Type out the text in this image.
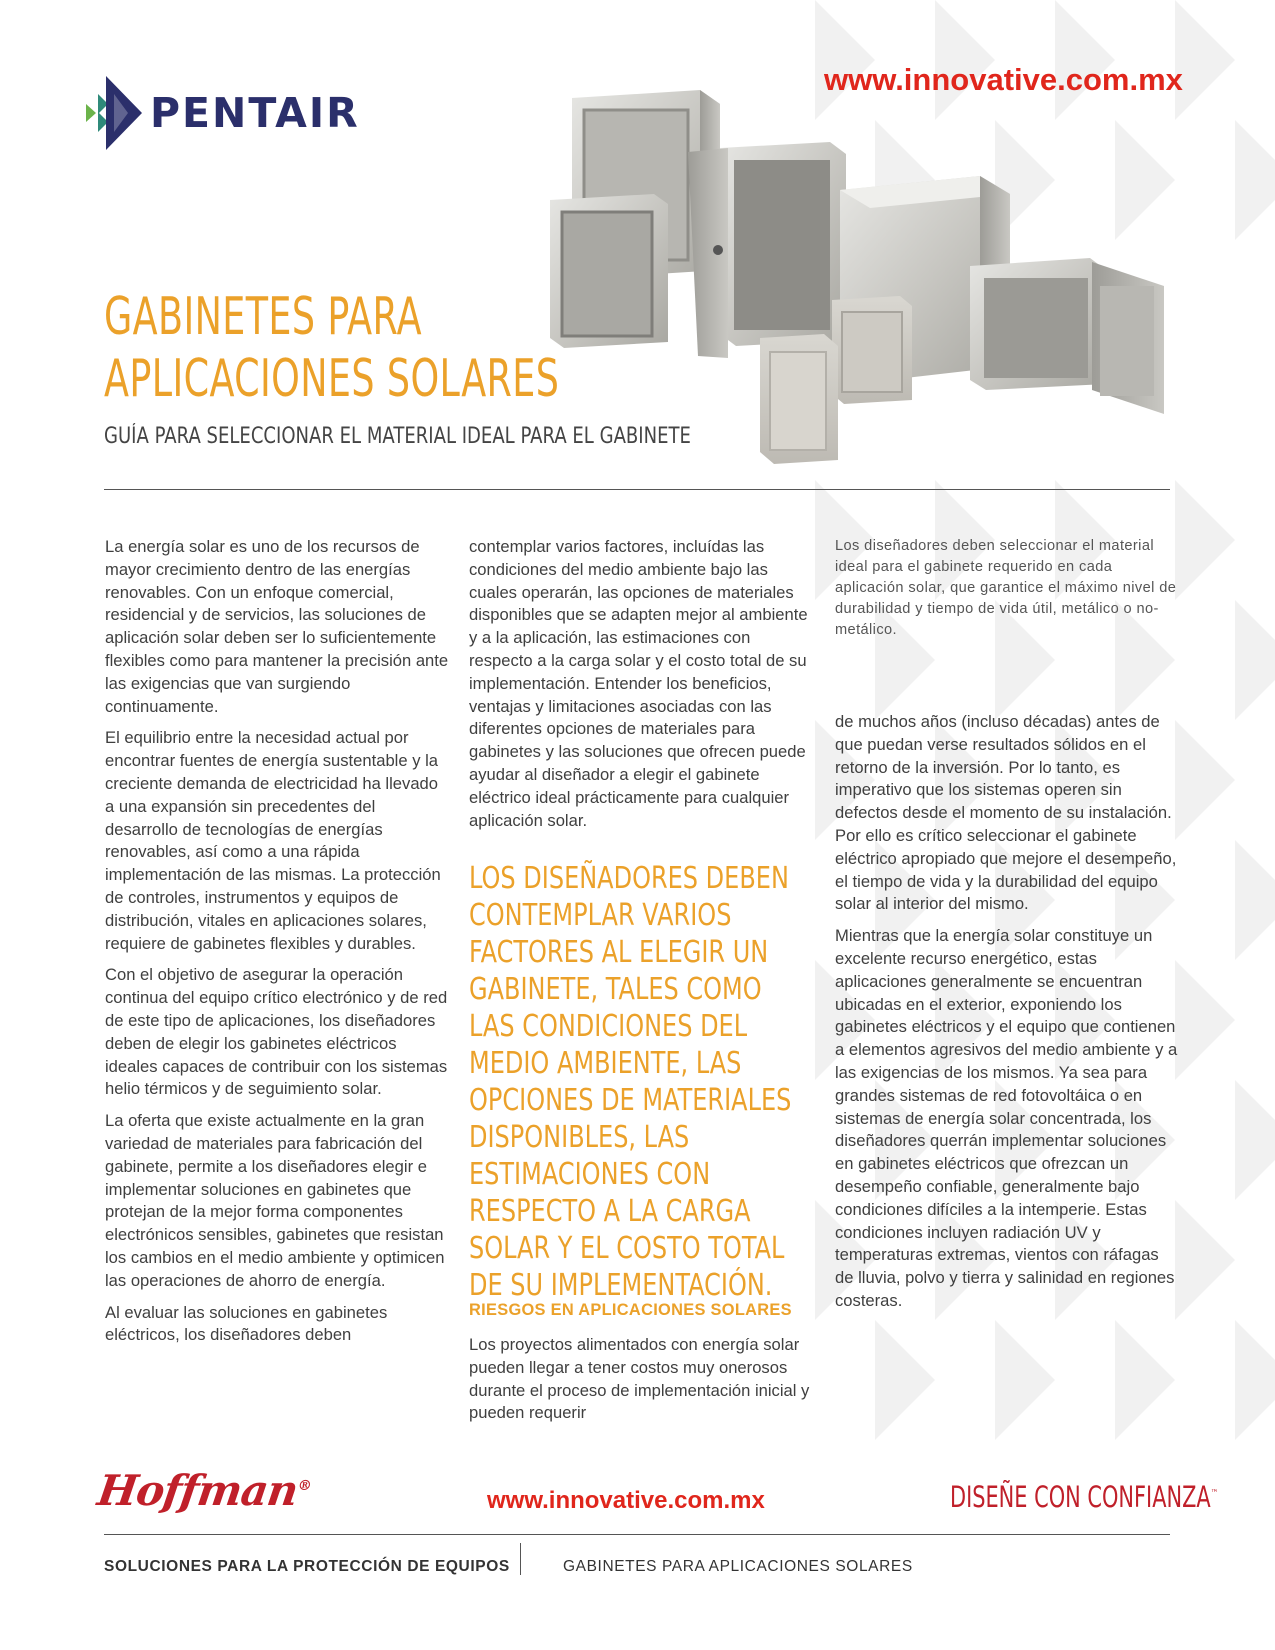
PENTAIR
www.innovative.com.mx
GABINETES PARA
APLICACIONES SOLARES
GUÍA PARA SELECCIONAR EL MATERIAL IDEAL PARA EL GABINETE

La energía solar es uno de los recursos de mayor crecimiento dentro de las energías renovables. Con un enfoque comercial, residencial y de servicios, las soluciones de aplicación solar deben ser lo suficientemente flexibles como para mantener la precisión ante las exigencias que van surgiendo continuamente.

El equilibrio entre la necesidad actual por encontrar fuentes de energía sustentable y la creciente demanda de electricidad ha llevado a una expansión sin precedentes del desarrollo de tecnologías de energías renovables, así como a una rápida implementación de las mismas. La protección de controles, instrumentos y equipos de distribución, vitales en aplicaciones solares, requiere de gabinetes flexibles y durables.

Con el objetivo de asegurar la operación continua del equipo crítico electrónico y de red de este tipo de aplicaciones, los diseñadores deben de elegir los gabinetes eléctricos ideales capaces de contribuir con los sistemas helio térmicos y de seguimiento solar.

La oferta que existe actualmente en la gran variedad de materiales para fabricación del gabinete, permite a los diseñadores elegir e implementar soluciones en gabinetes que protejan de la mejor forma componentes electrónicos sensibles, gabinetes que resistan los cambios en el medio ambiente y optimicen las operaciones de ahorro de energía.

Al evaluar las soluciones en gabinetes eléctricos, los diseñadores deben

contemplar varios factores, incluídas las condiciones del medio ambiente bajo las cuales operarán, las opciones de materiales disponibles que se adapten mejor al ambiente y a la aplicación, las estimaciones con respecto a la carga solar y el costo total de su implementación. Entender los beneficios, ventajas y limitaciones asociadas con las diferentes opciones de materiales para gabinetes y las soluciones que ofrecen puede ayudar al diseñador a elegir el gabinete eléctrico ideal prácticamente para cualquier aplicación solar.

LOS DISEÑADORES DEBEN CONTEMPLAR VARIOS FACTORES AL ELEGIR UN GABINETE, TALES COMO LAS CONDICIONES DEL MEDIO AMBIENTE, LAS OPCIONES DE MATERIALES DISPONIBLES, LAS ESTIMACIONES CON RESPECTO A LA CARGA SOLAR Y EL COSTO TOTAL DE SU IMPLEMENTACIÓN.
RIESGOS EN APLICACIONES SOLARES

Los proyectos alimentados con energía solar pueden llegar a tener costos muy onerosos durante el proceso de implementación inicial y pueden requerir

Los diseñadores deben seleccionar el material ideal para el gabinete requerido en cada aplicación solar, que garantice el máximo nivel de durabilidad y tiempo de vida útil, metálico o no-metálico.

de muchos años (incluso décadas) antes de que puedan verse resultados sólidos en el retorno de la inversión. Por lo tanto, es imperativo que los sistemas operen sin defectos desde el momento de su instalación. Por ello es crítico seleccionar el gabinete eléctrico apropiado que mejore el desempeño, el tiempo de vida y la durabilidad del equipo solar al interior del mismo.

Mientras que la energía solar constituye un excelente recurso energético, estas aplicaciones generalmente se encuentran ubicadas en el exterior, exponiendo los gabinetes eléctricos y el equipo que contienen a elementos agresivos del medio ambiente y a las exigencias de los mismos. Ya sea para grandes sistemas de red fotovoltáica o en sistemas de energía solar concentrada, los diseñadores querrán implementar soluciones en gabinetes eléctricos que ofrezcan un desempeño confiable, generalmente bajo condiciones difíciles a la intemperie. Estas condiciones incluyen radiación UV y temperaturas extremas, vientos con ráfagas de lluvia, polvo y tierra y salinidad en regiones costeras.

Hoffman®
www.innovative.com.mx	DISEÑE CON CONFIANZA™
SOLUCIONES PARA LA PROTECCIÓN DE EQUIPOS	GABINETES PARA APLICACIONES SOLARES
